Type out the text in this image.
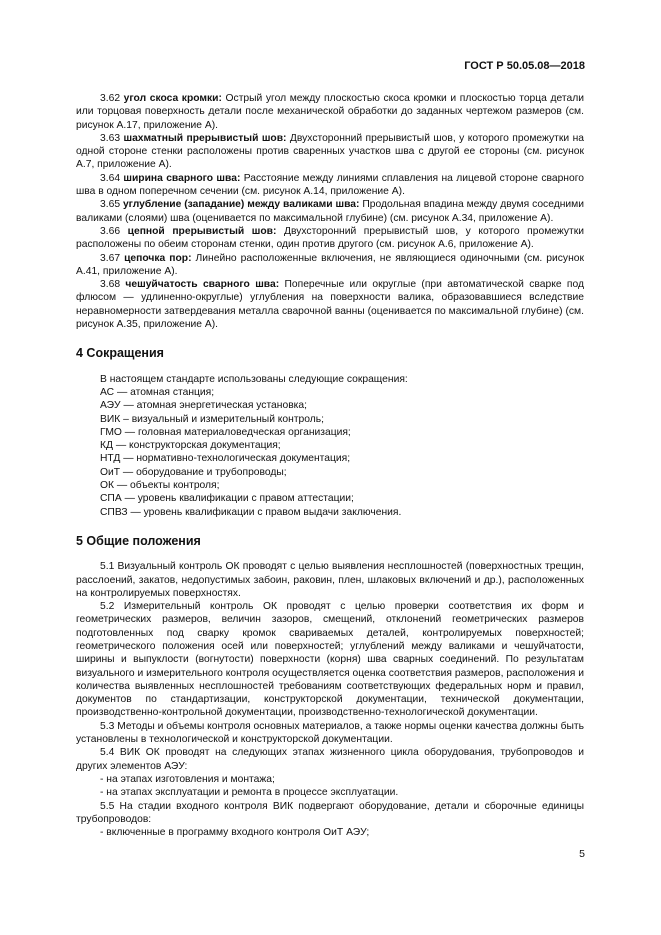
ГОСТ Р 50.05.08—2018

3.62 угол скоса кромки: Острый угол между плоскостью скоса кромки и плоскостью торца детали или торцовая поверхность детали после механической обработки до заданных чертежом размеров (см. рисунок А.17, приложение А).

3.63 шахматный прерывистый шов: Двухсторонний прерывистый шов, у которого промежутки на одной стороне стенки расположены против сваренных участков шва с другой ее стороны (см. рисунок А.7, приложение А).

3.64 ширина сварного шва: Расстояние между линиями сплавления на лицевой стороне сварного шва в одном поперечном сечении (см. рисунок А.14, приложение А).

3.65 углубление (западание) между валиками шва: Продольная впадина между двумя соседними валиками (слоями) шва (оценивается по максимальной глубине) (см. рисунок А.34, приложение А).

3.66 цепной прерывистый шов: Двухсторонний прерывистый шов, у которого промежутки расположены по обеим сторонам стенки, один против другого (см. рисунок А.6, приложение А).

3.67 цепочка пор: Линейно расположенные включения, не являющиеся одиночными (см. рисунок А.41, приложение А).

3.68 чешуйчатость сварного шва: Поперечные или округлые (при автоматической сварке под флюсом — удлиненно-округлые) углубления на поверхности валика, образовавшиеся вследствие неравномерности затвердевания металла сварочной ванны (оценивается по максимальной глубине) (см. рисунок А.35, приложение А).

4 Сокращения

В настоящем стандарте использованы следующие сокращения:

АС — атомная станция;

АЭУ — атомная энергетическая установка;

ВИК – визуальный и измерительный контроль;

ГМО — головная материаловедческая организация;

КД — конструкторская документация;

НТД — нормативно-технологическая документация;

ОиТ — оборудование и трубопроводы;

ОК — объекты контроля;

СПА — уровень квалификации с правом аттестации;

СПВЗ — уровень квалификации с правом выдачи заключения.

5 Общие положения

5.1 Визуальный контроль ОК проводят с целью выявления несплошностей (поверхностных трещин, расслоений, закатов, недопустимых забоин, раковин, плен, шлаковых включений и др.), расположенных на контролируемых поверхностях.

5.2 Измерительный контроль ОК проводят с целью проверки соответствия их форм и геометрических размеров, величин зазоров, смещений, отклонений геометрических размеров подготовленных под сварку кромок свариваемых деталей, контролируемых поверхностей; геометрического положения осей или поверхностей; углублений между валиками и чешуйчатости, ширины и выпуклости (вогнутости) поверхности (корня) шва сварных соединений. По результатам визуального и измерительного контроля осуществляется оценка соответствия размеров, расположения и количества выявленных несплошностей требованиям соответствующих федеральных норм и правил, документов по стандартизации, конструкторской документации, технической документации, производственно-контрольной документации, производственно-технологической документации.

5.3 Методы и объемы контроля основных материалов, а также нормы оценки качества должны быть установлены в технологической и конструкторской документации.

5.4 ВИК ОК проводят на следующих этапах жизненного цикла оборудования, трубопроводов и других элементов АЭУ:

- на этапах изготовления и монтажа;

- на этапах эксплуатации и ремонта в процессе эксплуатации.

5.5 На стадии входного контроля ВИК подвергают оборудование, детали и сборочные единицы трубопроводов:

- включенные в программу входного контроля ОиТ АЭУ;

5
